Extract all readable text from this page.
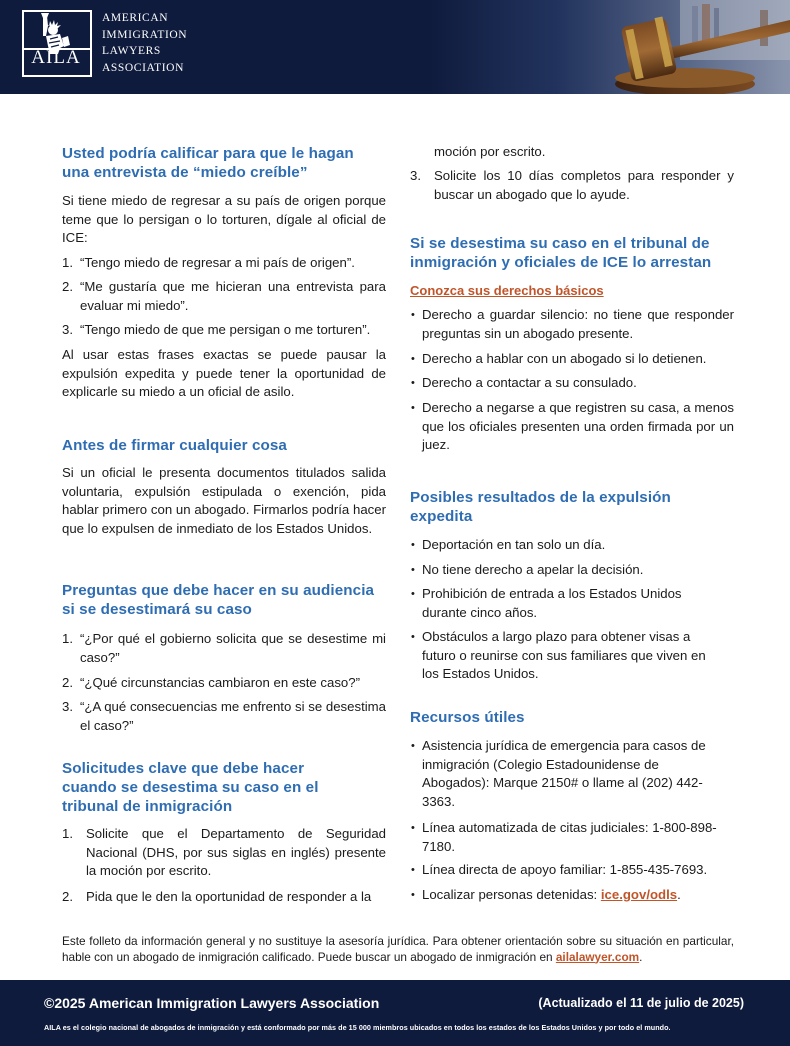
AILA
AMERICAN
IMMIGRATION
LAWYERS
ASSOCIATION
Usted podría calificar para que le hagan una entrevista de “miedo creíble”

Si tiene miedo de regresar a su país de origen porque teme que lo persigan o lo torturen, dígale al oficial de ICE:

1. “Tengo miedo de regresar a mi país de origen”.
2. “Me gustaría que me hicieran una entrevista para evaluar mi miedo”.
3. “Tengo miedo de que me persigan o me torturen”.

Al usar estas frases exactas se puede pausar la expulsión expedita y puede tener la oportunidad de explicarle su miedo a un oficial de asilo.

Antes de firmar cualquier cosa

Si un oficial le presenta documentos titulados salida voluntaria, expulsión estipulada o exención, pida hablar primero con un abogado. Firmarlos podría hacer que lo expulsen de inmediato de los Estados Unidos.

Preguntas que debe hacer en su audiencia si se desestimará su caso
1. “¿Por qué el gobierno solicita que se desestime mi caso?”
2. “¿Qué circunstancias cambiaron en este caso?”
3. “¿A qué consecuencias me enfrento si se desestima el caso?”
Solicitudes clave que debe hacer cuando se desestima su caso en el tribunal de inmigración
1. Solicite que el Departamento de Seguridad Nacional (DHS, por sus siglas en inglés) presente la moción por escrito.
2. Pida que le den la oportunidad de responder a la
moción por escrito.
3. Solicite los 10 días completos para responder y buscar un abogado que lo ayude.
Si se desestima su caso en el tribunal de inmigración y oficiales de ICE lo arrestan
Conozca sus derechos básicos
• Derecho a guardar silencio: no tiene que responder preguntas sin un abogado presente.
• Derecho a hablar con un abogado si lo detienen.
• Derecho a contactar a su consulado.
• Derecho a negarse a que registren su casa, a menos que los oficiales presenten una orden firmada por un juez.
Posibles resultados de la expulsión expedita
• Deportación en tan solo un día.
• No tiene derecho a apelar la decisión.
• Prohibición de entrada a los Estados Unidos durante cinco años.
• Obstáculos a largo plazo para obtener visas a futuro o reunirse con sus familiares que viven en los Estados Unidos.
Recursos útiles
• Asistencia jurídica de emergencia para casos de inmigración (Colegio Estadounidense de Abogados): Marque 2150# o llame al (202) 442-3363.
• Línea automatizada de citas judiciales: 1-800-898-7180.
• Línea directa de apoyo familiar: 1-855-435-7693.
• Localizar personas detenidas: ice.gov/odls.

Este folleto da información general y no sustituye la asesoría jurídica. Para obtener orientación sobre su situación en particular, hable con un abogado de inmigración calificado. Puede buscar un abogado de inmigración en ailalawyer.com.

©2025 American Immigration Lawyers Association	(Actualizado el 11 de julio de 2025)
AILA es el colegio nacional de abogados de inmigración y está conformado por más de 15 000 miembros ubicados en todos los estados de los Estados Unidos y por todo el mundo.
